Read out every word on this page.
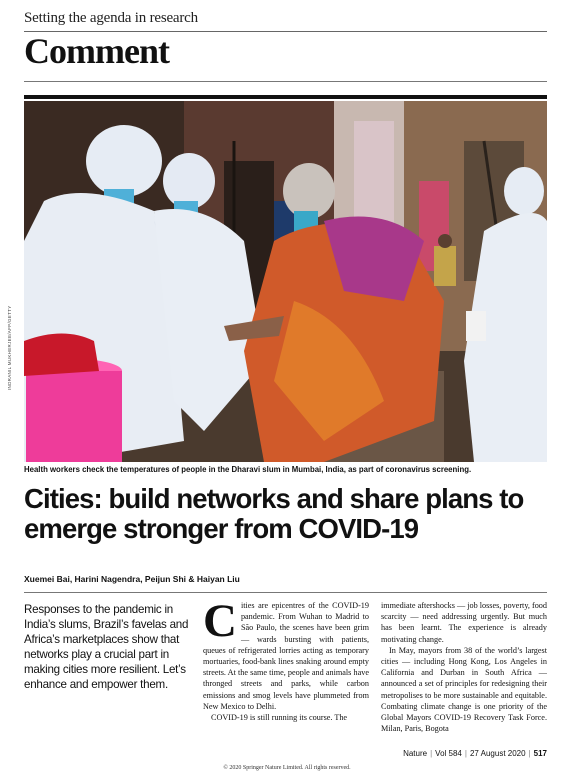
Setting the agenda in research
Comment
INDRANIL MUKHERJEE/AFP/GETTY
Health workers check the temperatures of people in the Dharavi slum in Mumbai, India, as part of coronavirus screening.
Cities: build networks and share plans to
emerge stronger from COVID-19
Xuemei Bai, Harini Nagendra, Peijun Shi & Haiyan Liu
Responses to the pandemic in India’s slums, Brazil’s favelas and Africa’s marketplaces show that networks play a crucial part in making cities more resilient. Let’s enhance and empower them.

Cities are epicentres of the COVID-19 pandemic. From Wuhan to Madrid to São Paulo, the scenes have been grim — wards bursting with patients, queues of refrigerated lorries acting as temporary mortuaries, food-bank lines snaking around empty streets. At the same time, people and animals have thronged streets and parks, while carbon emissions and smog levels have plummeted from New Mexico to Delhi.

COVID-19 is still running its course. The

immediate aftershocks — job losses, poverty, food scarcity — need addressing urgently. But much has been learnt. The experience is already motivating change.

In May, mayors from 38 of the world’s largest cities — including Hong Kong, Los Angeles in California and Durban in South Africa — announced a set of principles for redesigning their metropolises to be more sustainable and equitable. Combating climate change is one priority of the Global Mayors COVID-19 Recovery Task Force. Milan, Paris, Bogota

Nature | Vol 584 | 27 August 2020 | 517
© 2020 Springer Nature Limited. All rights reserved.
